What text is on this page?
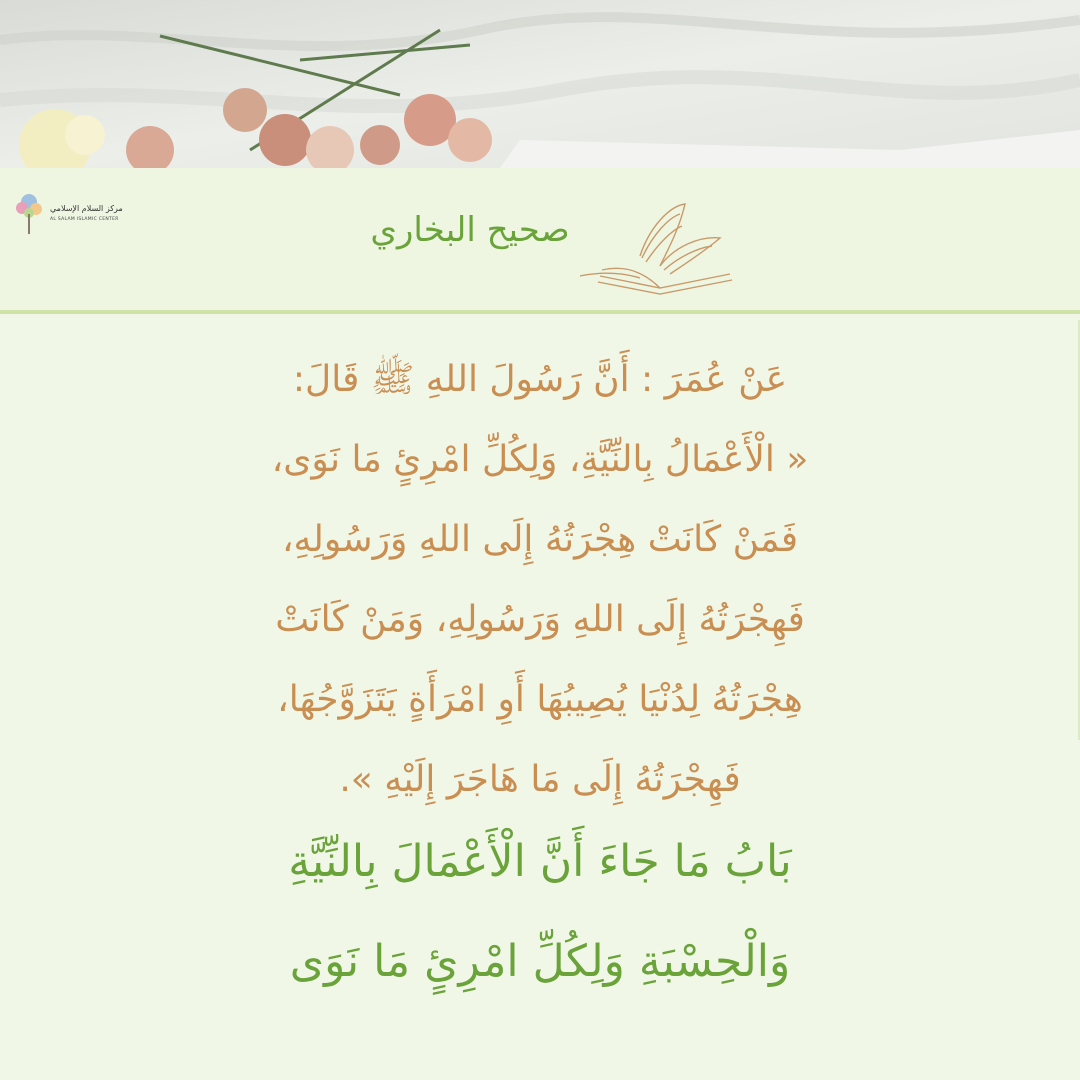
مركز السلام الإسلامي
AL SALAM ISLAMIC CENTER	صحيح البخاري
عَنْ عُمَرَ : أَنَّ رَسُولَ اللهِ ﷺ قَالَ:
« الْأَعْمَالُ بِالنِّيَّةِ، وَلِكُلِّ امْرِئٍ مَا نَوَى،
فَمَنْ كَانَتْ هِجْرَتُهُ إِلَى اللهِ وَرَسُولِهِ،
فَهِجْرَتُهُ إِلَى اللهِ وَرَسُولِهِ، وَمَنْ كَانَتْ
هِجْرَتُهُ لِدُنْيَا يُصِيبُهَا أَوِ امْرَأَةٍ يَتَزَوَّجُهَا،
فَهِجْرَتُهُ إِلَى مَا هَاجَرَ إِلَيْهِ ».
بَابُ مَا جَاءَ أَنَّ الْأَعْمَالَ بِالنِّيَّةِ
وَالْحِسْبَةِ وَلِكُلِّ امْرِئٍ مَا نَوَى
